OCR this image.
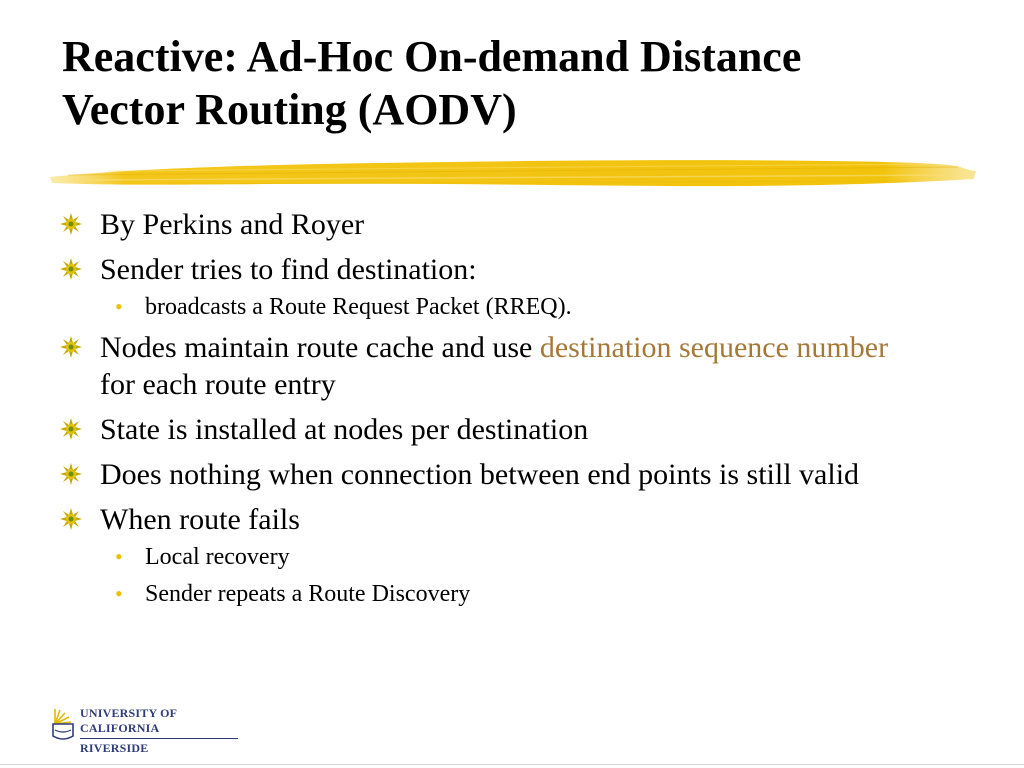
Reactive: Ad-Hoc On-demand Distance
Vector Routing (AODV)
By Perkins and Royer
Sender tries to find destination:
• broadcasts a Route Request Packet (RREQ).
Nodes maintain route cache and use destination sequence number for each route entry
State is installed at nodes per destination
Does nothing when connection between end points is still valid
When route fails
• Local recovery
• Sender repeats a Route Discovery
UNIVERSITY OF CALIFORNIA
RIVERSIDE
